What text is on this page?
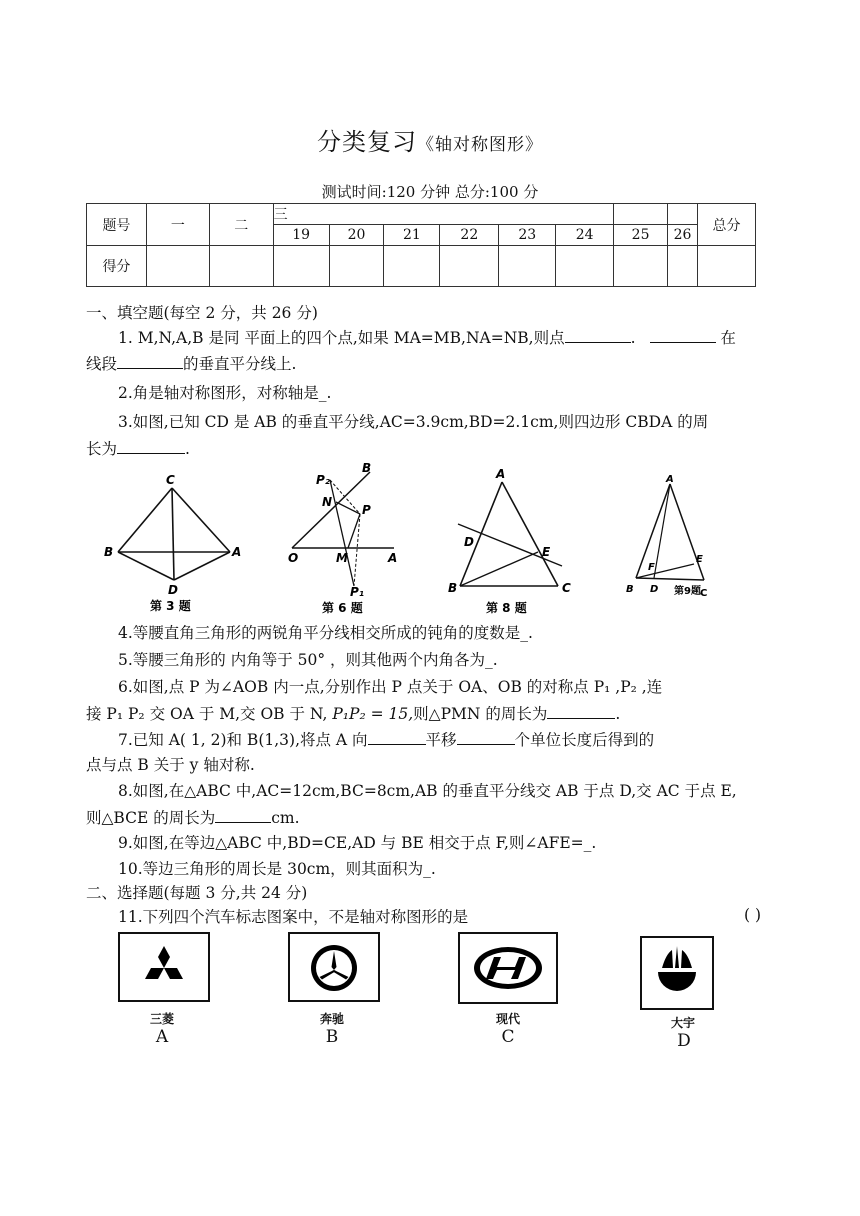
分类复习《轴对称图形》
测试时间:120 分钟 总分:100 分
题号	一	二	三								总分
			19	20	21	22	23	24	25	26	
得分											
一、填空题(每空 2 分，共 26 分)
1. M,N,A,B 是同 平面上的四个点,如果 MA=MB,NA=NB,则点	.	在
线段	的垂直平分线上.
2.角是轴对称图形，对称轴是_.
3.如图,已知 CD 是 AB 的垂直平分线,AC=3.9cm,BD=2.1cm,则四边形 CBDA 的周
长为	.
C
B	A
D
第 3 题
B
N
P
O	M	A
P₁
P₂
第 6 题
A
D
E
B	C
第 8 题
A
E
F
B D	C
第9题
4.等腰直角三角形的两锐角平分线相交所成的钝角的度数是_.
5.等腰三角形的 内角等于 50° ，则其他两个内角各为_.
6.如图,点 P 为∠AOB 内一点,分别作出 P 点关于 OA、OB 的对称点 P₁ ,P₂ ,连
接 P₁ P₂ 交 OA 于 M,交 OB 于 N, P₁P₂ = 15,则△PMN 的周长为	.
7.已知 A( 1, 2)和 B(1,3),将点 A 向	平移	个单位长度后得到的
点与点 B 关于 y 轴对称.
8.如图,在△ABC 中,AC=12cm,BC=8cm,AB 的垂直平分线交 AB 于点 D,交 AC 于点 E,
则△BCE 的周长为	cm.
9.如图,在等边△ABC 中,BD=CE,AD 与 BE 相交于点 F,则∠AFE=_.
10.等边三角形的周长是 30cm，则其面积为_.
二、选择题(每题 3 分,共 24 分)
11.下列四个汽车标志图案中，不是轴对称图形的是	( )
三菱
A
奔驰
B
现代
C
大宇
D
